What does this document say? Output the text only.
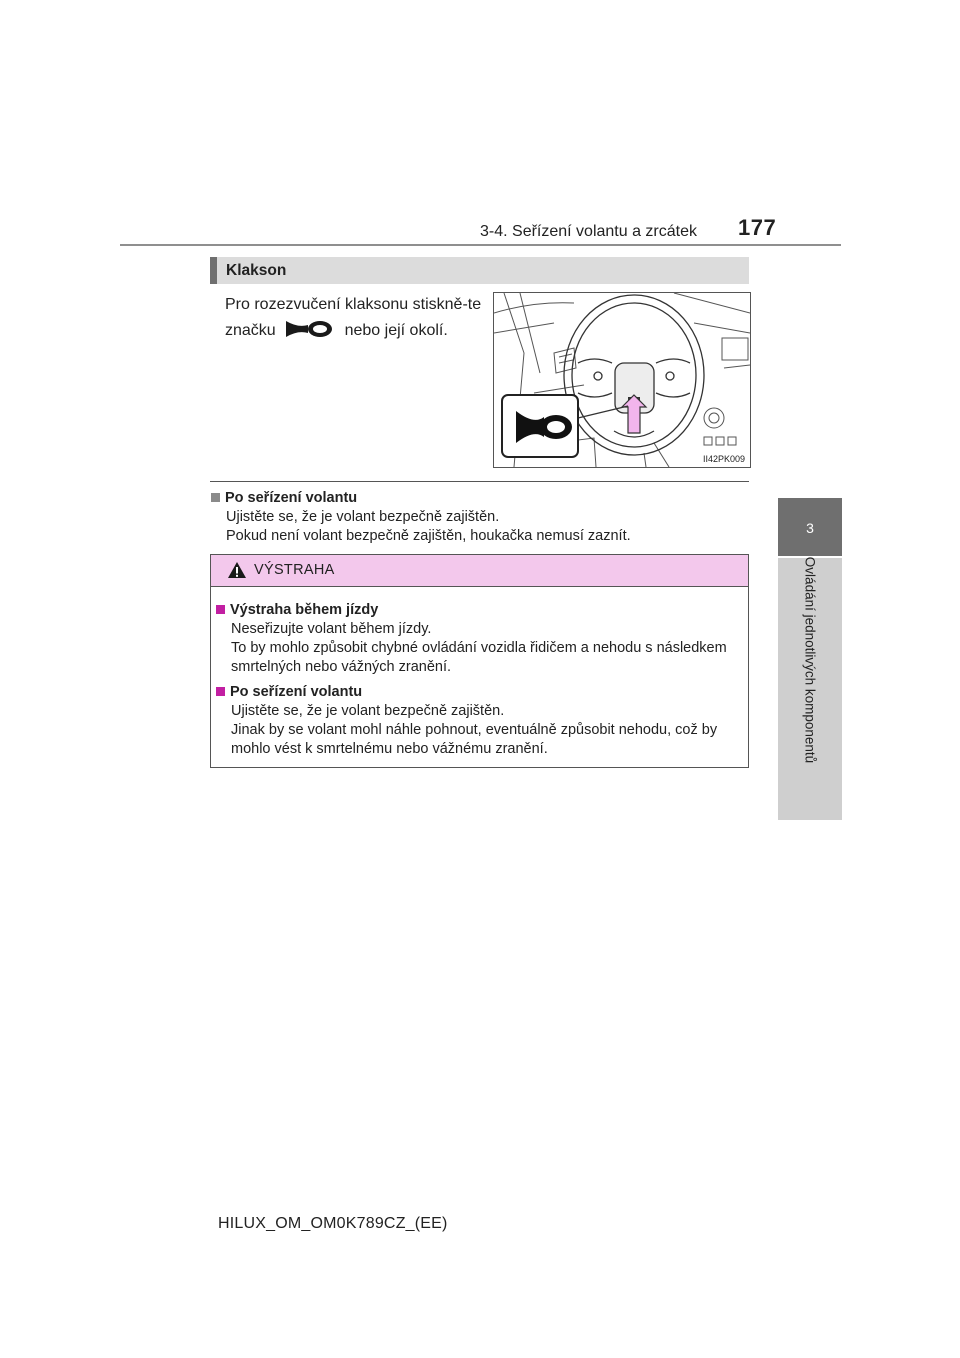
3-4. Seřízení volantu a zrcátek 177
3
Ovládání jednotlivých komponentů
Klakson
Pro rozezvučení klaksonu stiskně-te značku	nebo její okolí.
II42PK009
Po seřízení volantu
Ujistěte se, že je volant bezpečně zajištěn.
Pokud není volant bezpečně zajištěn, houkačka nemusí zaznít.
VÝSTRAHA
Výstraha během jízdy
Neseřizujte volant během jízdy.
To by mohlo způsobit chybné ovládání vozidla řidičem a nehodu s následkem
smrtelných nebo vážných zranění.
Po seřízení volantu
Ujistěte se, že je volant bezpečně zajištěn.
Jinak by se volant mohl náhle pohnout, eventuálně způsobit nehodu, což by
mohlo vést k smrtelnému nebo vážnému zranění.
HILUX_OM_OM0K789CZ_(EE)
